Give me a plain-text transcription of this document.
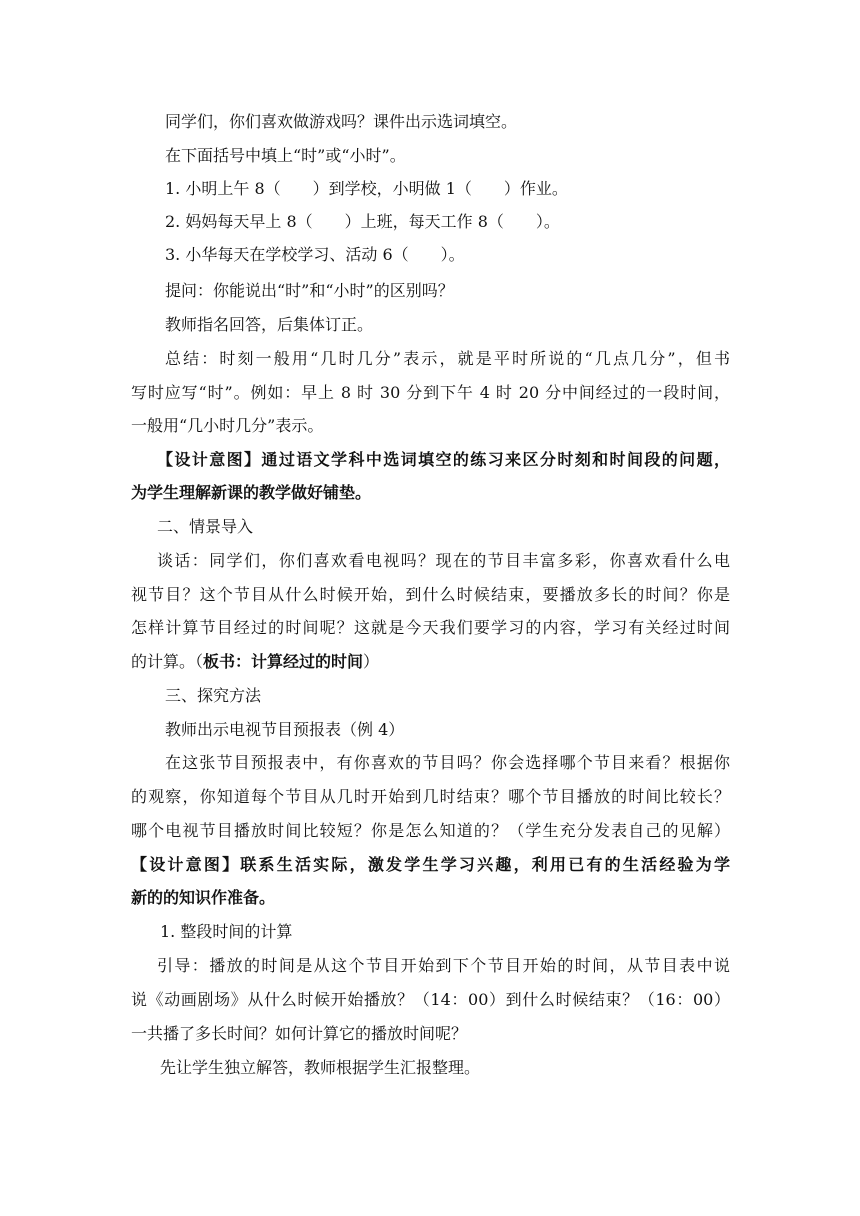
同学们，你们喜欢做游戏吗？课件出示选词填空。
在下面括号中填上“时”或“小时”。
1. 小明上午 8（　　）到学校，小明做 1（　　）作业。
2. 妈妈每天早上 8（　　）上班，每天工作 8（　　）。
3. 小华每天在学校学习、活动 6（　　）。
提问：你能说出“时”和“小时”的区别吗？
教师指名回答，后集体订正。
总结：时刻一般用“几时几分”表示，就是平时所说的“几点几分”，但书
写时应写“时”。例如：早上 8 时 30 分到下午 4 时 20 分中间经过的一段时间，
一般用“几小时几分”表示。
【设计意图】通过语文学科中选词填空的练习来区分时刻和时间段的问题，
为学生理解新课的教学做好铺垫。
二、情景导入
谈话：同学们，你们喜欢看电视吗？现在的节目丰富多彩，你喜欢看什么电
视节目？这个节目从什么时候开始，到什么时候结束，要播放多长的时间？你是
怎样计算节目经过的时间呢？这就是今天我们要学习的内容，学习有关经过时间
的计算。（板书：计算经过的时间）
三、探究方法
教师出示电视节目预报表（例 4）
在这张节目预报表中，有你喜欢的节目吗？你会选择哪个节目来看？根据你
的观察，你知道每个节目从几时开始到几时结束？哪个节目播放的时间比较长？
哪个电视节目播放时间比较短？你是怎么知道的？（学生充分发表自己的见解）
【设计意图】联系生活实际，激发学生学习兴趣，利用已有的生活经验为学
新的的知识作准备。
1. 整段时间的计算
引导：播放的时间是从这个节目开始到下个节目开始的时间，从节目表中说
说《动画剧场》从什么时候开始播放？（14：00）到什么时候结束？（16：00）
一共播了多长时间？如何计算它的播放时间呢？
先让学生独立解答，教师根据学生汇报整理。
